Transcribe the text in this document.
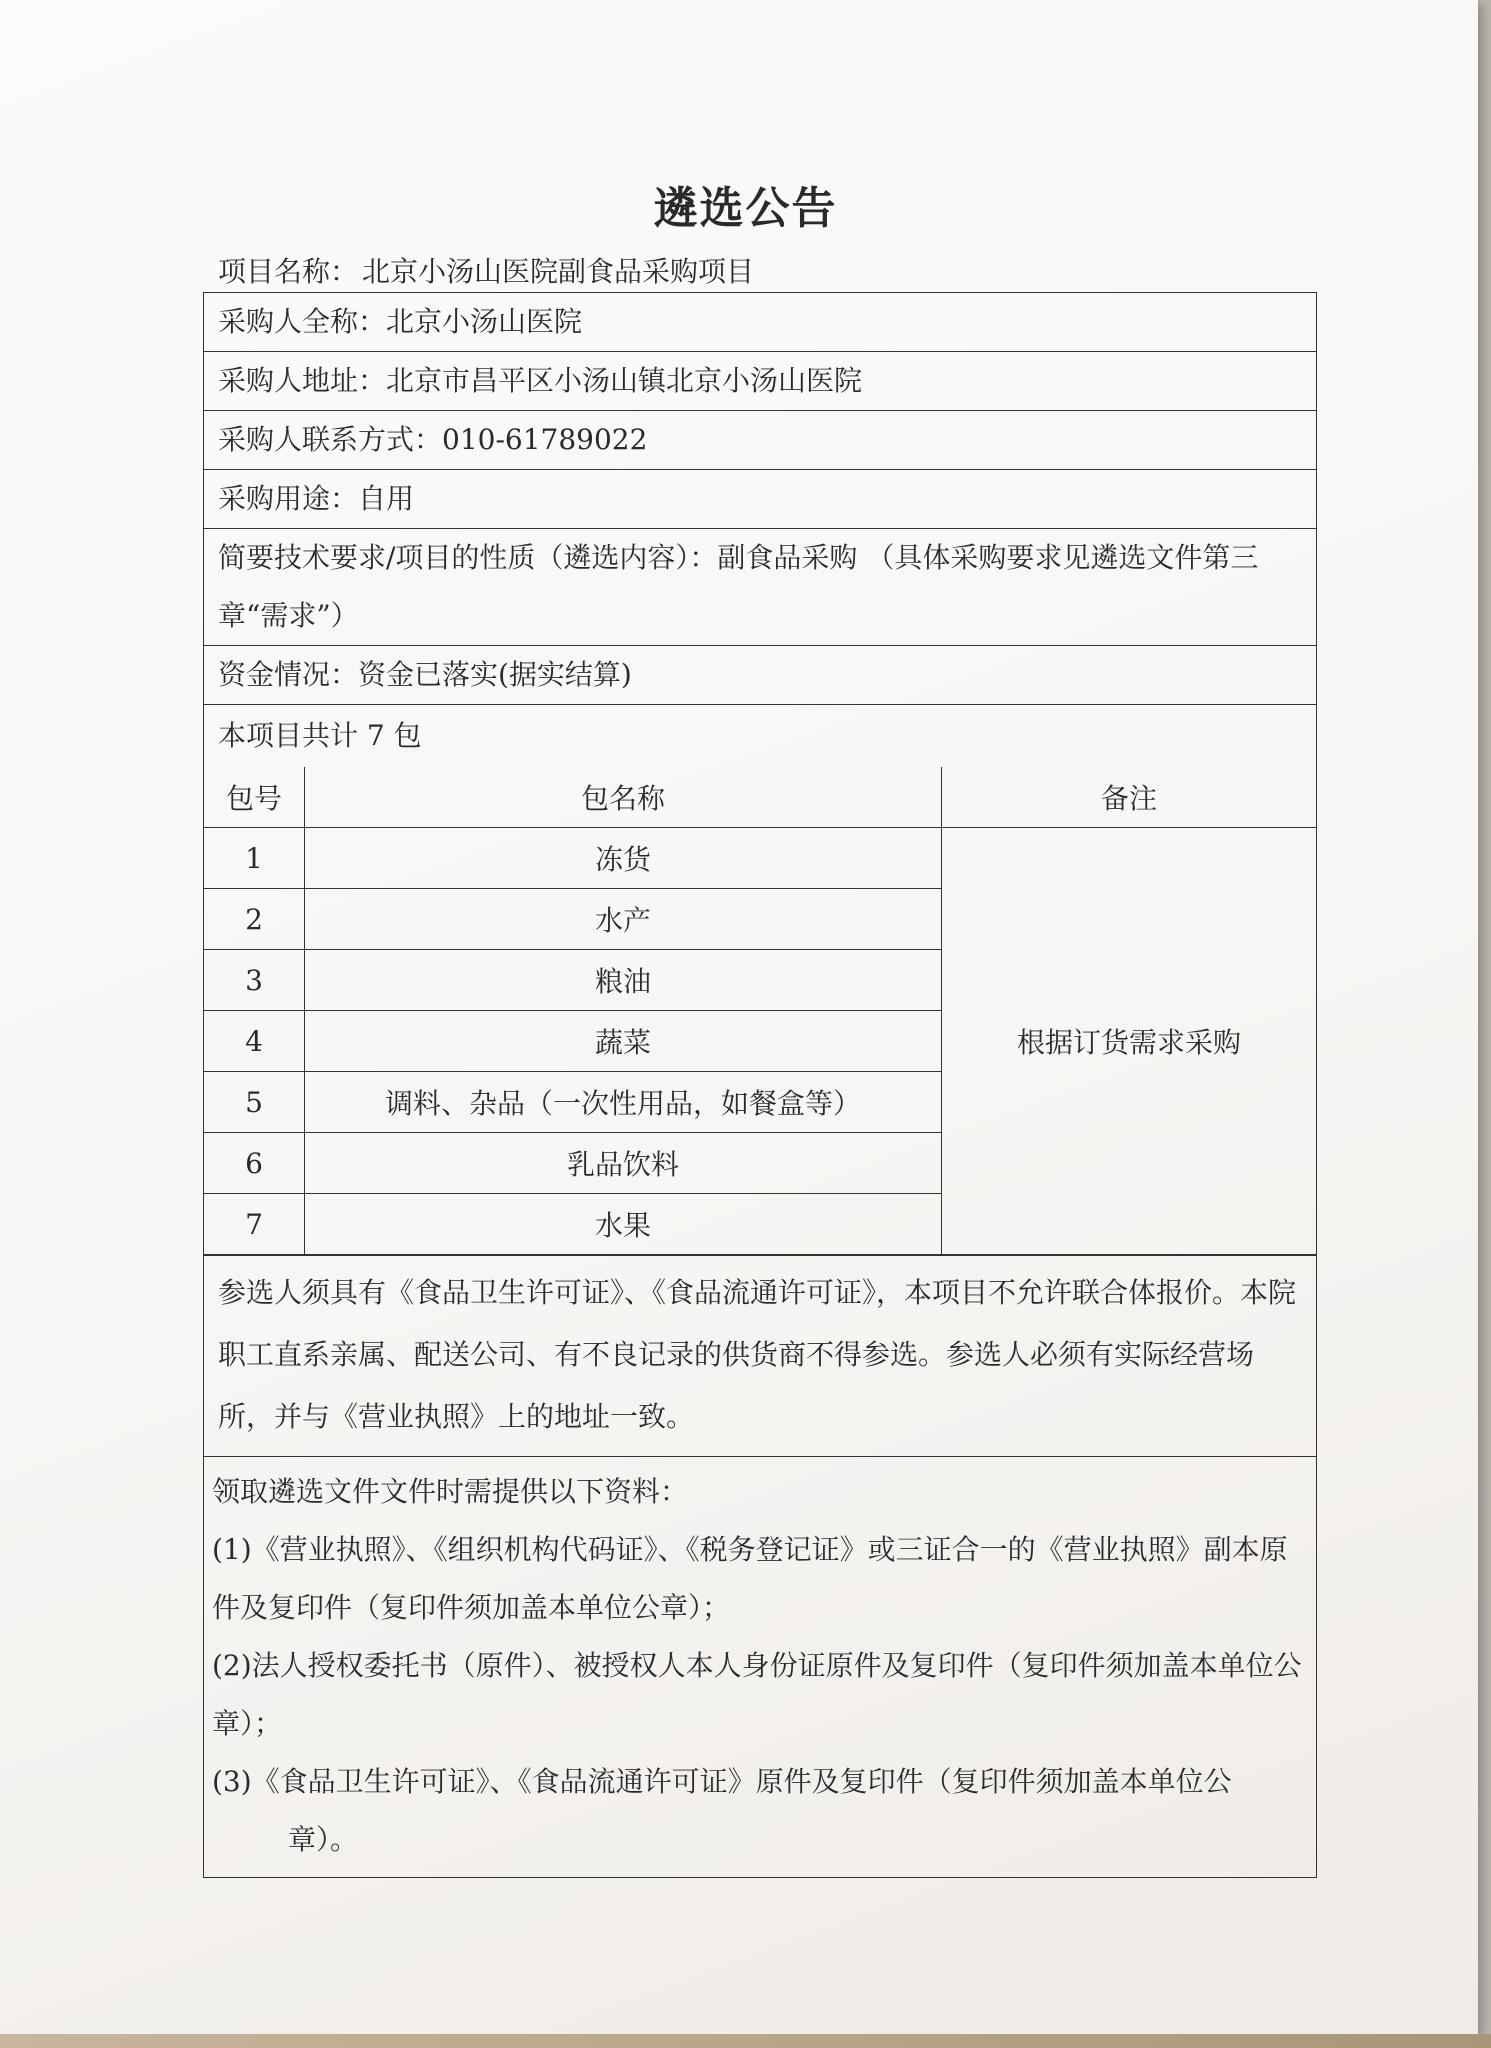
遴选公告
项目名称： 北京小汤山医院副食品采购项目
采购人全称：北京小汤山医院
采购人地址：北京市昌平区小汤山镇北京小汤山医院
采购人联系方式：010-61789022
采购用途：自用
简要技术要求/项目的性质（遴选内容）：副食品采购 （具体采购要求见遴选文件第三章“需求”）
资金情况：资金已落实(据实结算)
本项目共计 7 包
包号	包名称	备注
1	冻货	根据订货需求采购
2	水产	
3	粮油	
4	蔬菜	
5	调料、杂品（一次性用品，如餐盒等）	
6	乳品饮料	
7	水果	
参选人须具有《食品卫生许可证》、《食品流通许可证》，本项目不允许联合体报价。本院职工直系亲属、配送公司、有不良记录的供货商不得参选。参选人必须有实际经营场所，并与《营业执照》上的地址一致。
领取遴选文件文件时需提供以下资料：
(1)《营业执照》、《组织机构代码证》、《税务登记证》或三证合一的《营业执照》副本原件及复印件（复印件须加盖本单位公章）；
(2)法人授权委托书（原件）、被授权人本人身份证原件及复印件（复印件须加盖本单位公章）；
(3)《食品卫生许可证》、《食品流通许可证》原件及复印件（复印件须加盖本单位公
章）。
